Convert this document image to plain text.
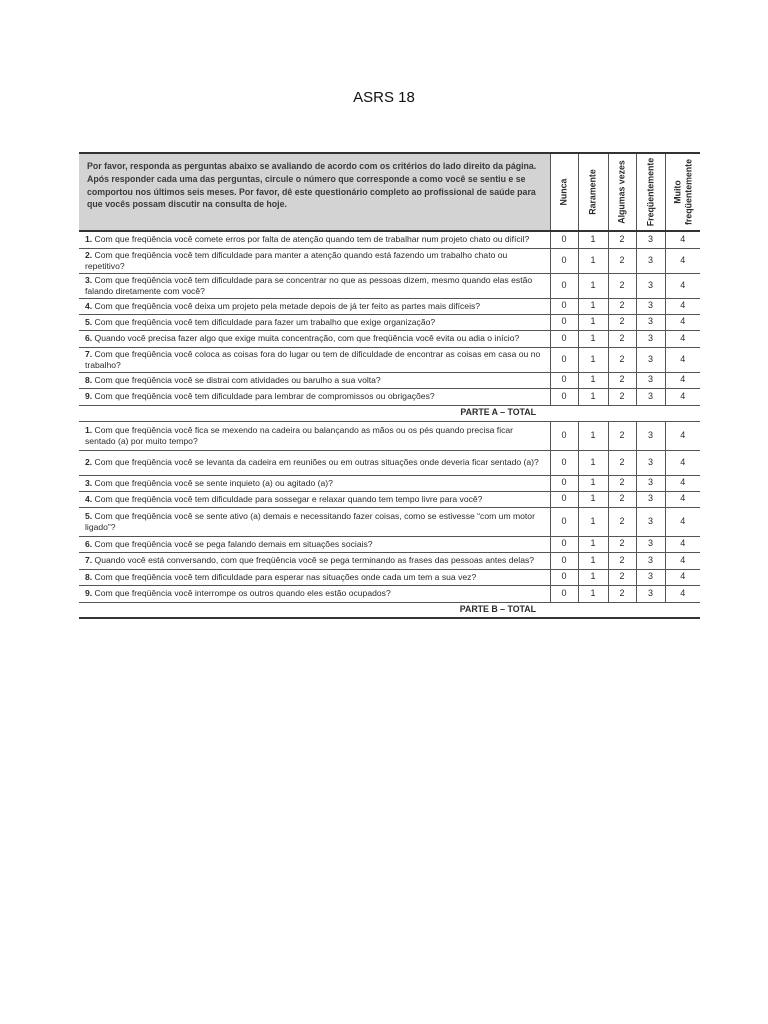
ASRS 18
Por favor, responda as perguntas abaixo se avaliando de acordo com os critérios do lado direito da página. Após responder cada uma das perguntas, circule o número que corresponde a como você se sentiu e se comportou nos últimos seis meses. Por favor, dê este questionário completo ao profissional de saúde para que vocês possam discutir na consulta de hoje.	Nunca	Raramente	Algumas vezes	Freqüentemente	Muito
freqüentemente

1. Com que freqüência você comete erros por falta de atenção quando tem de trabalhar num projeto chato ou difícil?	0	1	2	3	4
2. Com que freqüência você tem dificuldade para manter a atenção quando está fazendo um trabalho chato ou repetitivo?	0	1	2	3	4
3. Com que freqüência você tem dificuldade para se concentrar no que as pessoas dizem, mesmo quando elas estão falando diretamente com você?	0	1	2	3	4
4. Com que freqüência você deixa um projeto pela metade depois de já ter feito as partes mais difíceis?	0	1	2	3	4
5. Com que freqüência você tem dificuldade para fazer um trabalho que exige organização?	0	1	2	3	4
6. Quando você precisa fazer algo que exige muita concentração, com que freqüência você evita ou adia o início?	0	1	2	3	4
7. Com que freqüência você coloca as coisas fora do lugar ou tem de dificuldade de encontrar as coisas em casa ou no trabalho?	0	1	2	3	4
8. Com que freqüência você se distrai com atividades ou barulho a sua volta?	0	1	2	3	4
9. Com que freqüência você tem dificuldade para lembrar de compromissos ou obrigações?	0	1	2	3	4
PARTE A – TOTAL					
1. Com que freqüência você fica se mexendo na cadeira ou balançando as mãos ou os pés quando precisa ficar sentado (a) por muito tempo?	0	1	2	3	4
2. Com que freqüência você se levanta da cadeira em reuniões ou em outras situações onde deveria ficar sentado (a)?	0	1	2	3	4
3. Com que freqüência você se sente inquieto (a) ou agitado (a)?	0	1	2	3	4
4. Com que freqüência você tem dificuldade para sossegar e relaxar quando tem tempo livre para você?	0	1	2	3	4
5. Com que freqüência você se sente ativo (a) demais e necessitando fazer coisas, como se estivesse “com um motor ligado”?	0	1	2	3	4
6. Com que freqüência você se pega falando demais em situações sociais?	0	1	2	3	4
7. Quando você está conversando, com que freqüência você se pega terminando as frases das pessoas antes delas?	0	1	2	3	4
8. Com que freqüência você tem dificuldade para esperar nas situações onde cada um tem a sua vez?	0	1	2	3	4
9. Com que freqüência você interrompe os outros quando eles estão ocupados?	0	1	2	3	4
PARTE B – TOTAL					
